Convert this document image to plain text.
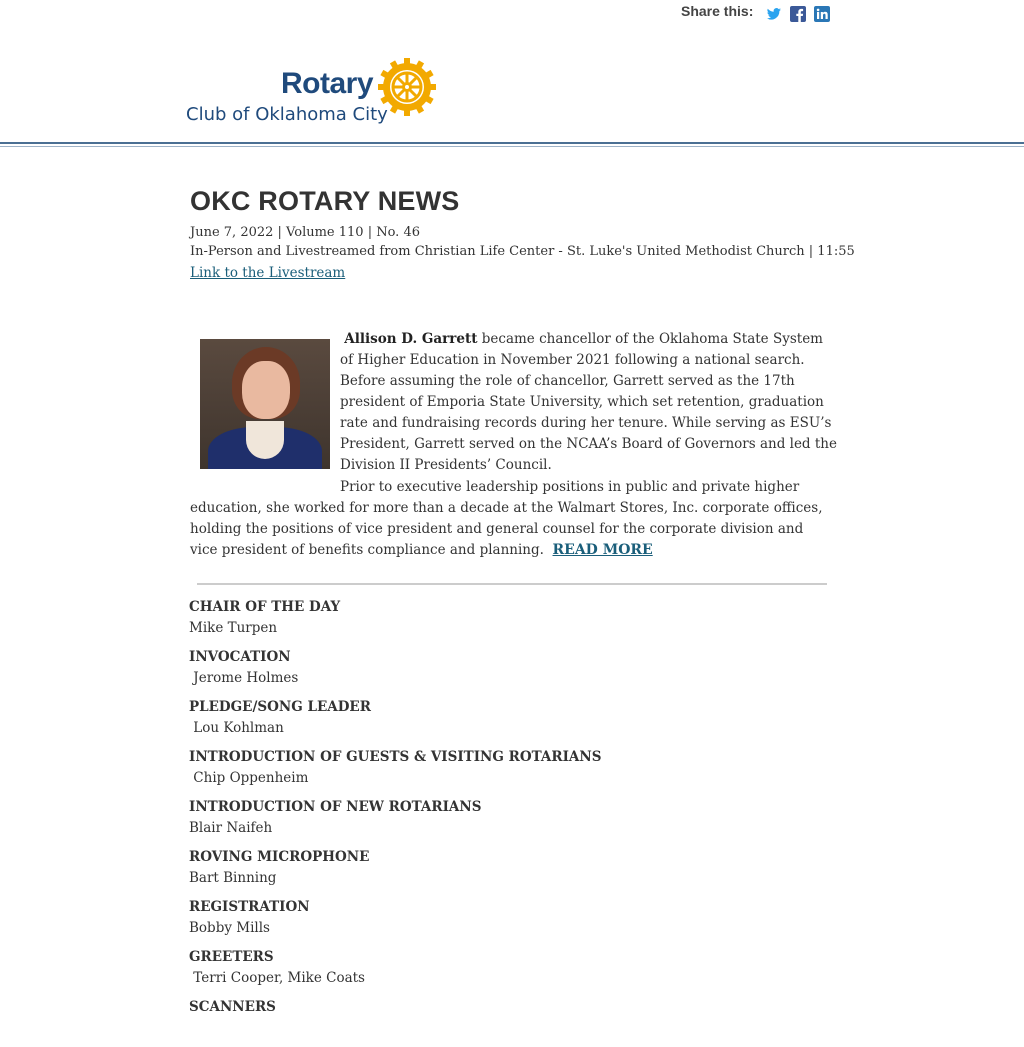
Share this:
Rotary
Club of Oklahoma City
OKC ROTARY NEWS
June 7, 2022 | Volume 110 | No. 46
In-Person and Livestreamed from Christian Life Center - St. Luke's United Methodist Church | 11:55
Link to the Livestream
Allison D. Garrett became chancellor of the Oklahoma State System of Higher Education in November 2021 following a national search. Before assuming the role of chancellor, Garrett served as the 17th president of Emporia State University, which set retention, graduation rate and fundraising records during her tenure. While serving as ESU’s President, Garrett served on the NCAA’s Board of Governors and led the Division II Presidents’ Council.
Prior to executive leadership positions in public and private higher education, she worked for more than a decade at the Walmart Stores, Inc. corporate offices, holding the positions of vice president and general counsel for the corporate division and vice president of benefits compliance and planning. READ MORE
CHAIR OF THE DAY
Mike Turpen
INVOCATION
Jerome Holmes
PLEDGE/SONG LEADER
Lou Kohlman
INTRODUCTION OF GUESTS & VISITING ROTARIANS
Chip Oppenheim
INTRODUCTION OF NEW ROTARIANS
Blair Naifeh
ROVING MICROPHONE
Bart Binning
REGISTRATION
Bobby Mills
GREETERS
Terri Cooper, Mike Coats
SCANNERS
